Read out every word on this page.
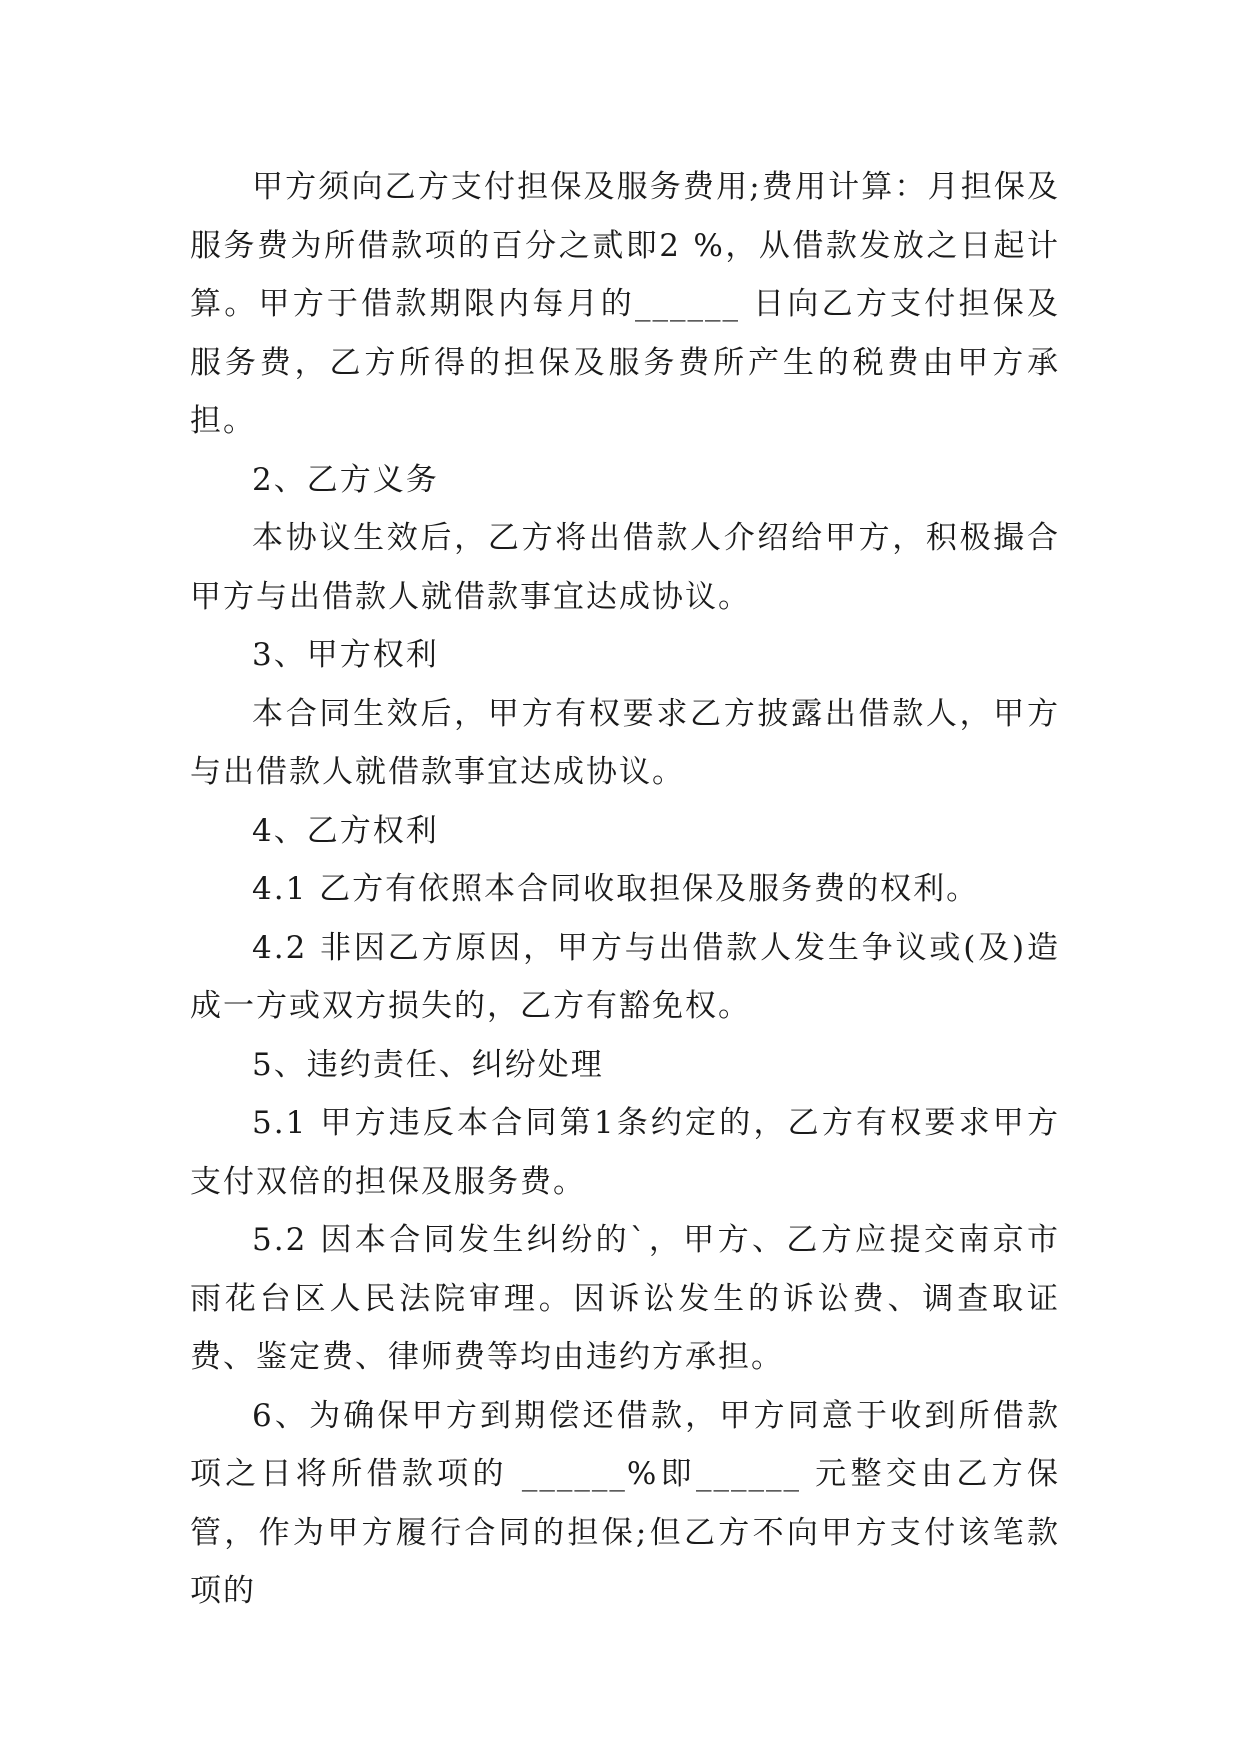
甲方须向乙方支付担保及服务费用;费用计算：月担保及服务费为所借款项的百分之贰即2 %，从借款发放之日起计算。甲方于借款期限内每月的______ 日向乙方支付担保及服务费，乙方所得的担保及服务费所产生的税费由甲方承担。

2、乙方义务

本协议生效后，乙方将出借款人介绍给甲方，积极撮合甲方与出借款人就借款事宜达成协议。

3、甲方权利

本合同生效后，甲方有权要求乙方披露出借款人，甲方与出借款人就借款事宜达成协议。

4、乙方权利

4.1 乙方有依照本合同收取担保及服务费的权利。

4.2 非因乙方原因，甲方与出借款人发生争议或(及)造成一方或双方损失的，乙方有豁免权。

5、违约责任、纠纷处理

5.1 甲方违反本合同第1条约定的，乙方有权要求甲方支付双倍的担保及服务费。

5.2 因本合同发生纠纷的`，甲方、乙方应提交南京市雨花台区人民法院审理。因诉讼发生的诉讼费、调查取证费、鉴定费、律师费等均由违约方承担。

6、为确保甲方到期偿还借款，甲方同意于收到所借款项之日将所借款项的 ______%即______ 元整交由乙方保管，作为甲方履行合同的担保;但乙方不向甲方支付该笔款项的
